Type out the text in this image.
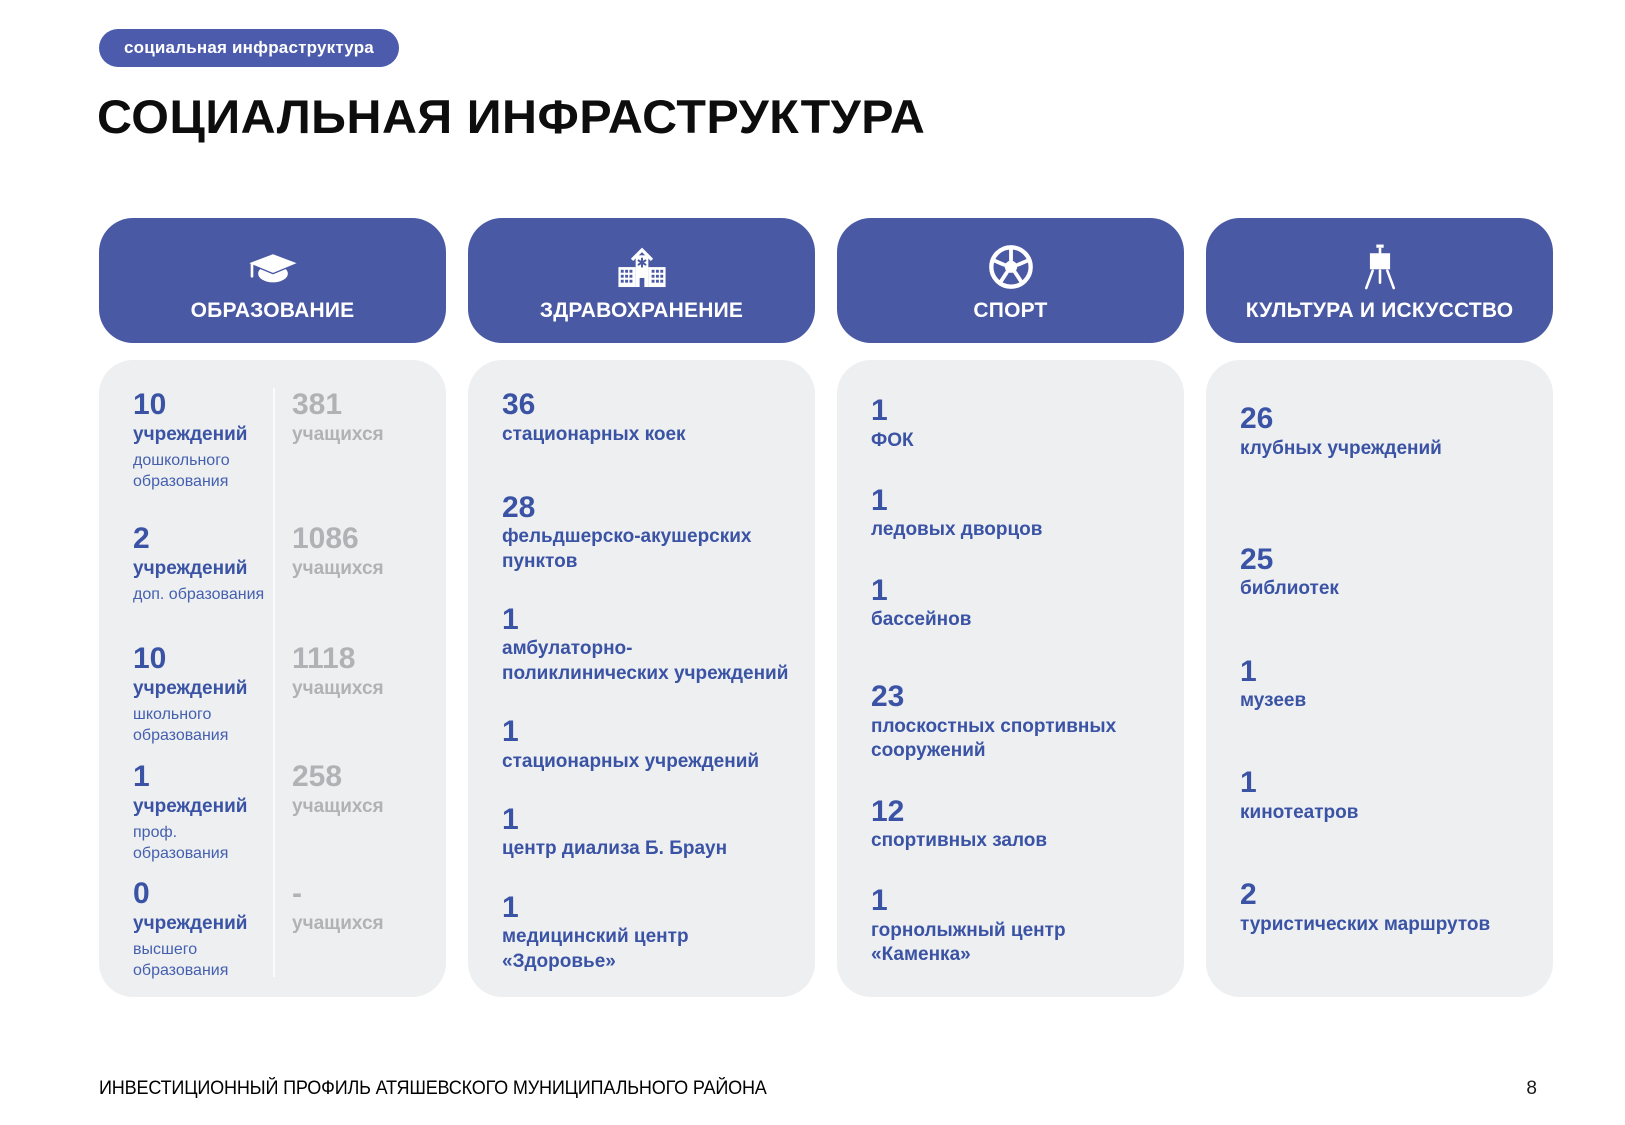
социальная инфраструктура
СОЦИАЛЬНАЯ ИНФРАСТРУКТУРА
ОБРАЗОВАНИЕ
10
учреждений
дошкольного образования
2
учреждений
доп. образования
10
учреждений
школьного образования
1
учреждений
проф. образования
0
учреждений
высшего образования
381
учащихся
1086
учащихся
1118
учащихся
258
учащихся
-
учащихся
ЗДРАВОХРАНЕНИЕ
36
стационарных коек
28
фельдшерско-акушерских пунктов
1
амбулаторно-поликлинических учреждений
1
стационарных учреждений
1
центр диализа Б. Браун
1
медицинский центр «Здоровье»
СПОРТ
1
ФОК
1
ледовых дворцов
1
бассейнов
23
плоскостных спортивных сооружений
12
спортивных залов
1
горнолыжный центр «Каменка»
КУЛЬТУРА И ИСКУССТВО
26
клубных учреждений
25
библиотек
1
музеев
1
кинотеатров
2
туристических маршрутов
ИНВЕСТИЦИОННЫЙ ПРОФИЛЬ АТЯШЕВСКОГО МУНИЦИПАЛЬНОГО РАЙОНА	8
